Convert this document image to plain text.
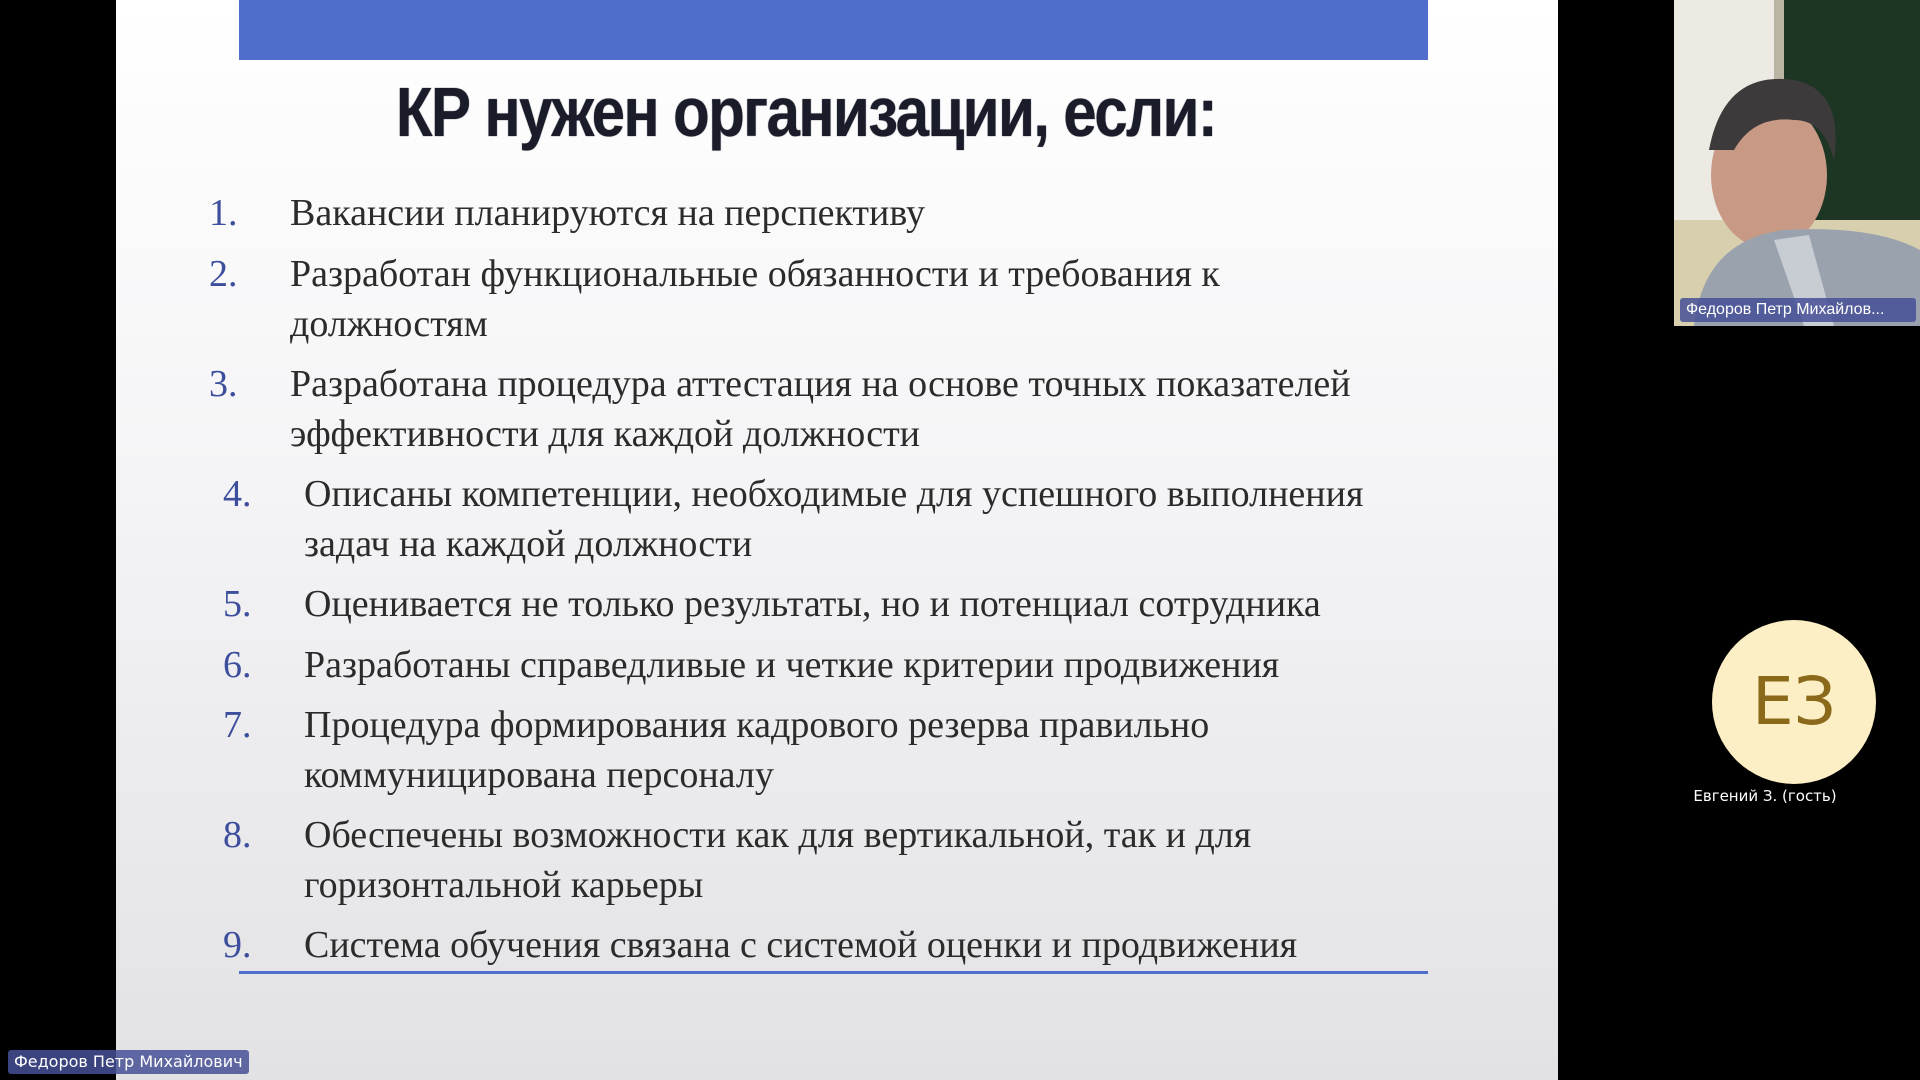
КР нужен организации, если:
1.	Вакансии планируются на перспективу
2.	Разработан функциональные обязанности и требования к
должностям
3.	Разработана процедура аттестация на основе точных показателей
эффективности для каждой должности
4.	Описаны компетенции, необходимые для успешного выполнения
задач на каждой должности
5.	Оценивается не только результаты, но и потенциал сотрудника
6.	Разработаны справедливые и четкие критерии продвижения
7.	Процедура формирования кадрового резерва правильно
коммуницирована персоналу
8.	Обеспечены возможности как для вертикальной, так и для
горизонтальной карьеры
9.	Система обучения связана с системой оценки и продвижения
Федоров Петр Михайлов...
ЕЗ
Евгений З. (гость)
Федоров Петр Михайлович
